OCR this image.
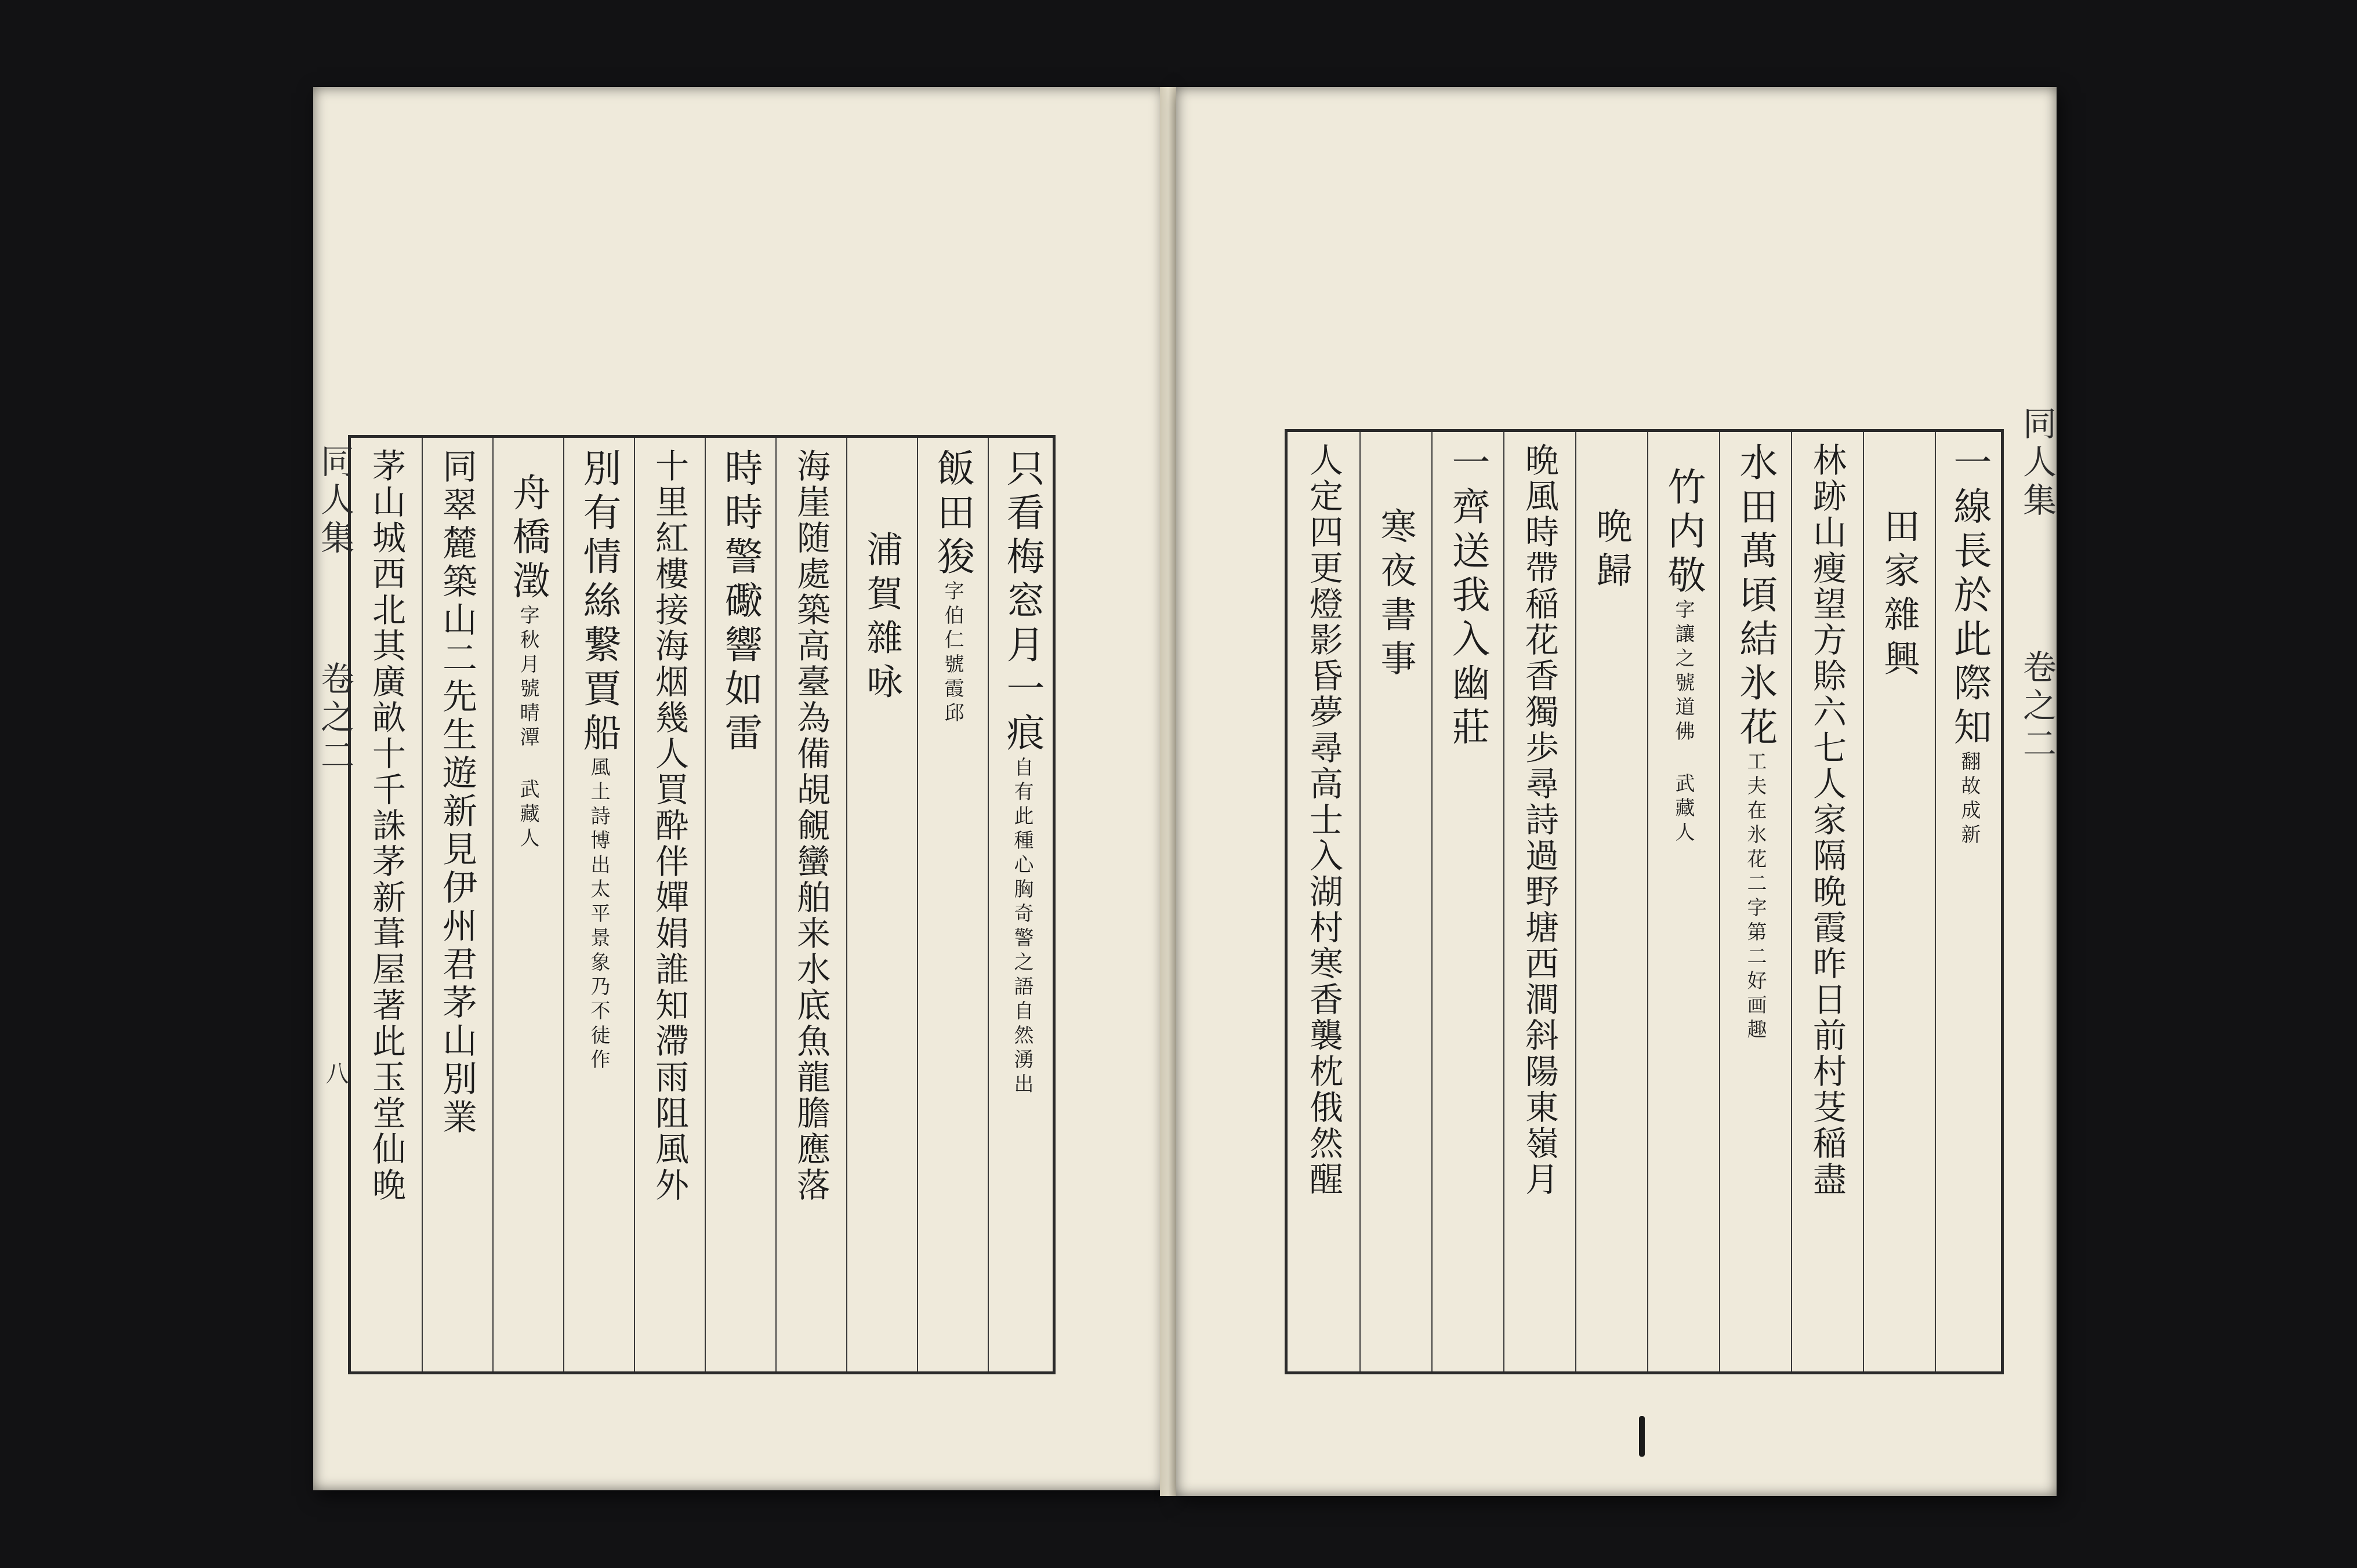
同人集
卷之二
八
只看梅窓月一痕
自有此種心胸奇警之語自然湧出
飯田狻
字伯仁號霞邱
浦賀雜咏
海崖随處築高臺為備覘覦蠻舶来水底魚龍膽應落
時時警礮響如雷
十里紅樓接海烟幾人買酔伴嬋娟誰知滯雨阻風外
別有情絲繋賈船
風土詩博出太平景象乃不徒作
舟橋澂
字秋月號晴潭 武藏人
同翠麓築山二先生遊新見伊州君茅山別業
茅山城西北其廣畝十千誅茅新葺屋著此玉堂仙晚	同人集
卷之二
一線長於此際知
翻故成新
田家雜興
林跡山瘦望方賒六七人家隔晩霞昨日前村芟稲盡
水田萬頃結氷花
工夫在氷花二字第二好画趣
竹内敬
字讓之號道佛 武藏人
晩歸
晩風時帶稲花香獨歩尋詩過野塘西澗斜陽東嶺月
一齊送我入幽莊
寒夜書事
人定四更燈影昏夢尋高士入湖村寒香襲枕俄然醒
